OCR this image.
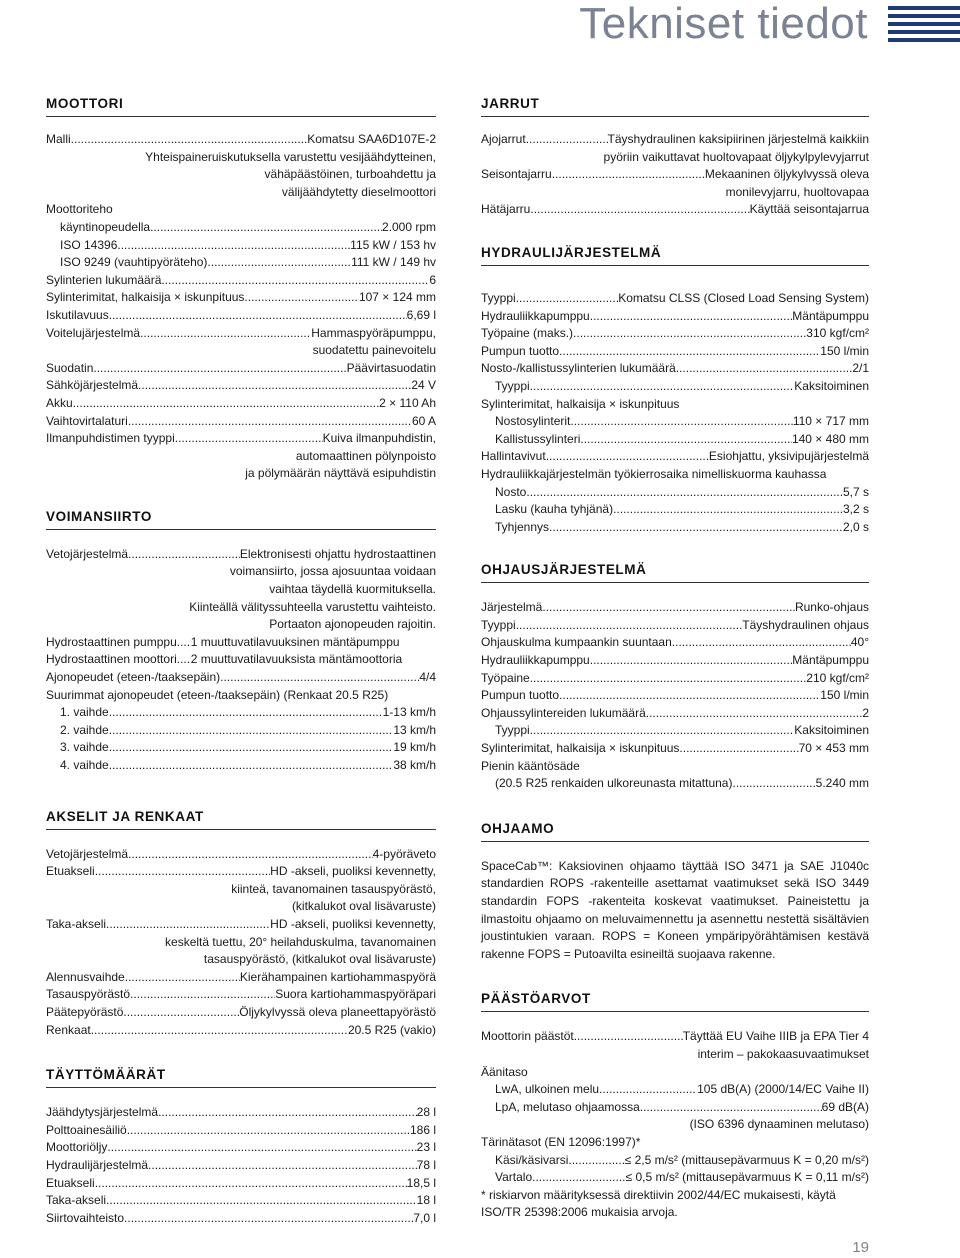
Tekniset tiedot
MOOTTORI
Malli .....	Komatsu SAA6D107E-2
Yhteispaineruiskutuksella varustettu vesijäähdytteinen,
vähäpäästöinen, turboahdettu ja
välijäähdytetty dieselmoottori
Moottoriteho
käyntinopeudella .....	2.000 rpm
ISO 14396 .....	115 kW / 153 hv
ISO 9249 (vauhtipyöräteho) .....	111 kW / 149 hv
Sylinterien lukumäärä .....	6
Sylinterimitat, halkaisija × iskunpituus .....	107 × 124 mm
Iskutilavuus .....	6,69 l
Voitelujärjestelmä .....	Hammaspyöräpumppu,
suodatettu painevoitelu
Suodatin .....	Päävirtasuodatin
Sähköjärjestelmä .....	24 V
Akku .....	2 × 110 Ah
Vaihtovirtalaturi .....	60 A
Ilmanpuhdistimen tyyppi .....	Kuiva ilmanpuhdistin,
automaattinen pölynpoisto
ja pölymäärän näyttävä esipuhdistin
VOIMANSIIRTO
Vetojärjestelmä .....	Elektronisesti ohjattu hydrostaattinen
voimansiirto, jossa ajosuuntaa voidaan
vaihtaa täydellä kuormituksella.
Kiinteällä välityssuhteella varustettu vaihteisto.
Portaaton ajonopeuden rajoitin.
Hydrostaattinen pumppu ..... 1 muuttuvatilavuuksinen mäntäpumppu
Hydrostaattinen moottori ..... 2 muuttuvatilavuuksista mäntämoottoria
Ajonopeudet (eteen-/taaksepäin) .....	4/4
Suurimmat ajonopeudet (eteen-/taaksepäin) (Renkaat 20.5 R25)
1. vaihde .....	1-13 km/h
2. vaihde .....	13 km/h
3. vaihde .....	19 km/h
4. vaihde .....	38 km/h
AKSELIT JA RENKAAT
Vetojärjestelmä .....	4-pyöräveto
Etuakseli .....	HD -akseli, puoliksi kevennetty,
kiinteä, tavanomainen tasauspyörästö,
(kitkalukot oval lisävaruste)
Taka-akseli .....	HD -akseli, puoliksi kevennetty,
keskeltä tuettu, 20° heilahduskulma, tavanomainen
tasauspyörästö, (kitkalukot oval lisävaruste)
Alennusvaihde .....	Kierähampainen kartiohammaspyörä
Tasauspyörästö .....	Suora kartiohammaspyöräpari
Päätepyörästö .....	Öljykylvyssä oleva planeettapyörästö
Renkaat .....	20.5 R25 (vakio)
TÄYTTÖMÄÄRÄT
Jäähdytysjärjestelmä .....	28 l
Polttoainesäiliö .....	186 l
Moottoriöljy .....	23 l
Hydraulijärjestelmä .....	78 l
Etuakseli .....	18,5 l
Taka-akseli .....	18 l
Siirtovaihteisto .....	7,0 l
JARRUT
Ajojarrut .....	Täyshydraulinen kaksipiirinen järjestelmä kaikkiin
pyöriin vaikuttavat huoltovapaat öljykylpylevyjarrut
Seisontajarru .....	Mekaaninen öljykylvyssä oleva
monilevyjarru, huoltovapaa
Hätäjarru .....	Käyttää seisontajarrua
HYDRAULIJÄRJESTELMÄ
Tyyppi .....	Komatsu CLSS (Closed Load Sensing System)
Hydrauliikkapumppu .....	Mäntäpumppu
Työpaine (maks.) .....	310 kgf/cm²
Pumpun tuotto .....	150 l/min
Nosto-/kallistussylinterien lukumäärä .....	2/1
Tyyppi .....	Kaksitoiminen
Sylinterimitat, halkaisija × iskunpituus
Nostosylinterit .....	110 × 717 mm
Kallistussylinteri .....	140 × 480 mm
Hallintavivut .....	Esiohjattu, yksivipujärjestelmä
Hydrauliikkajärjestelmän työkierrosaika nimelliskuorma kauhassa
Nosto .....	5,7 s
Lasku (kauha tyhjänä) .....	3,2 s
Tyhjennys .....	2,0 s
OHJAUSJÄRJESTELMÄ
Järjestelmä .....	Runko-ohjaus
Tyyppi .....	Täyshydraulinen ohjaus
Ohjauskulma kumpaankin suuntaan .....	40°
Hydrauliikkapumppu .....	Mäntäpumppu
Työpaine .....	210 kgf/cm²
Pumpun tuotto .....	150 l/min
Ohjaussylintereiden lukumäärä .....	2
Tyyppi .....	Kaksitoiminen
Sylinterimitat, halkaisija × iskunpituus .....	70 × 453 mm
Pienin kääntösäde
(20.5 R25 renkaiden ulkoreunasta mitattuna) .....	5.240 mm
OHJAAMO
SpaceCab™: Kaksiovinen ohjaamo täyttää ISO 3471 ja SAE J1040c standardien ROPS -rakenteille asettamat vaatimukset sekä ISO 3449 standardin FOPS -rakenteita koskevat vaatimukset. Paineistettu ja ilmastoitu ohjaamo on meluvaimennettu ja asennettu nestettä sisältävien joustintukien varaan. ROPS = Koneen ympäripyörähtämisen kestävä rakenne FOPS = Putoavilta esineiltä suojaava rakenne.
PÄÄSTÖARVOT
Moottorin päästöt .....	Täyttää EU Vaihe IIIB ja EPA Tier 4
interim – pakokaasuvaatimukset
Äänitaso
LwA, ulkoinen melu .....	105 dB(A) (2000/14/EC Vaihe II)
LpA, melutaso ohjaamossa .....	69 dB(A)
(ISO 6396 dynaaminen melutaso)
Tärinätasot (EN 12096:1997)*
Käsi/käsivarsi .....	≤ 2,5 m/s² (mittausepävarmuus K = 0,20 m/s²)
Vartalo .....	≤ 0,5 m/s² (mittausepävarmuus K = 0,11 m/s²)
* riskiarvon määrityksessä direktiivin 2002/44/EC mukaisesti, käytä ISO/TR 25398:2006 mukaisia arvoja.
19
